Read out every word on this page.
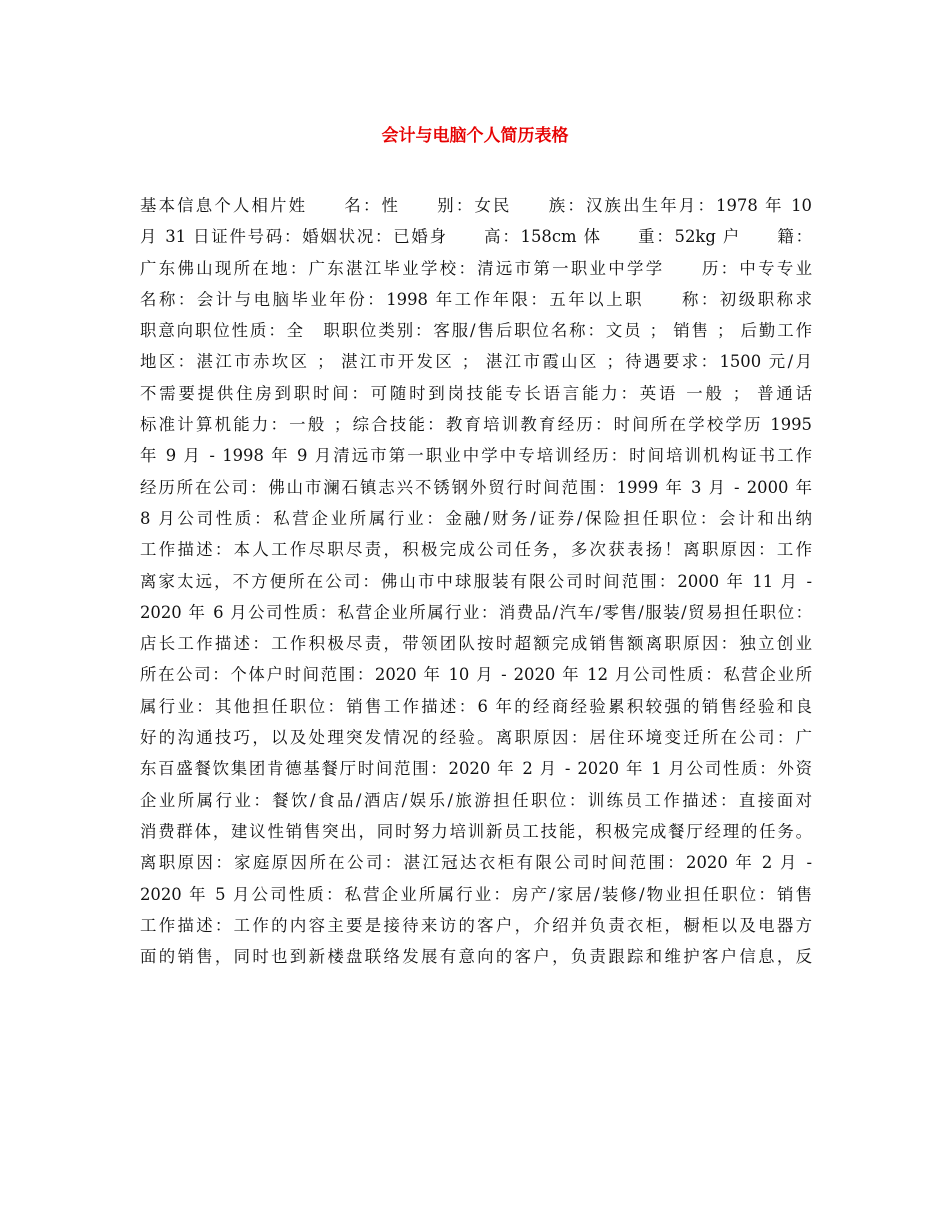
会计与电脑个人简历表格
基本信息个人相片姓　　名：性　　别：女民　　族：汉族出生年月：1978 年 10
月 31 日证件号码：婚姻状况：已婚身　　高：158cm 体　　重：52kg 户　　籍：
广东佛山现所在地：广东湛江毕业学校：清远市第一职业中学学　　历：中专专业
名称：会计与电脑毕业年份：1998 年工作年限：五年以上职　　称：初级职称求
职意向职位性质：全　职职位类别：客服/售后职位名称：文员 ； 销售 ； 后勤工作
地区：湛江市赤坎区 ； 湛江市开发区 ； 湛江市霞山区 ；待遇要求：1500 元/月
不需要提供住房到职时间：可随时到岗技能专长语言能力：英语 一般 ； 普通话
标准计算机能力：一般 ；综合技能：教育培训教育经历：时间所在学校学历 1995
年 9 月 - 1998 年 9 月清远市第一职业中学中专培训经历：时间培训机构证书工作
经历所在公司：佛山市澜石镇志兴不锈钢外贸行时间范围：1999 年 3 月 - 2000 年
8 月公司性质：私营企业所属行业：金融/财务/证券/保险担任职位：会计和出纳
工作描述：本人工作尽职尽责，积极完成公司任务，多次获表扬！离职原因：工作
离家太远，不方便所在公司：佛山市中球服装有限公司时间范围：2000 年 11 月 -
2020 年 6 月公司性质：私营企业所属行业：消费品/汽车/零售/服装/贸易担任职位：
店长工作描述：工作积极尽责，带领团队按时超额完成销售额离职原因：独立创业
所在公司：个体户时间范围：2020 年 10 月 - 2020 年 12 月公司性质：私营企业所
属行业：其他担任职位：销售工作描述：6 年的经商经验累积较强的销售经验和良
好的沟通技巧，以及处理突发情况的经验。离职原因：居住环境变迁所在公司：广
东百盛餐饮集团肯德基餐厅时间范围：2020 年 2 月 - 2020 年 1 月公司性质：外资
企业所属行业：餐饮/食品/酒店/娱乐/旅游担任职位：训练员工作描述：直接面对
消费群体，建议性销售突出，同时努力培训新员工技能，积极完成餐厅经理的任务。
离职原因：家庭原因所在公司：湛江冠达衣柜有限公司时间范围：2020 年 2 月 -
2020 年 5 月公司性质：私营企业所属行业：房产/家居/装修/物业担任职位：销售
工作描述：工作的内容主要是接待来访的客户，介绍并负责衣柜，橱柜以及电器方
面的销售，同时也到新楼盘联络发展有意向的客户，负责跟踪和维护客户信息，反
